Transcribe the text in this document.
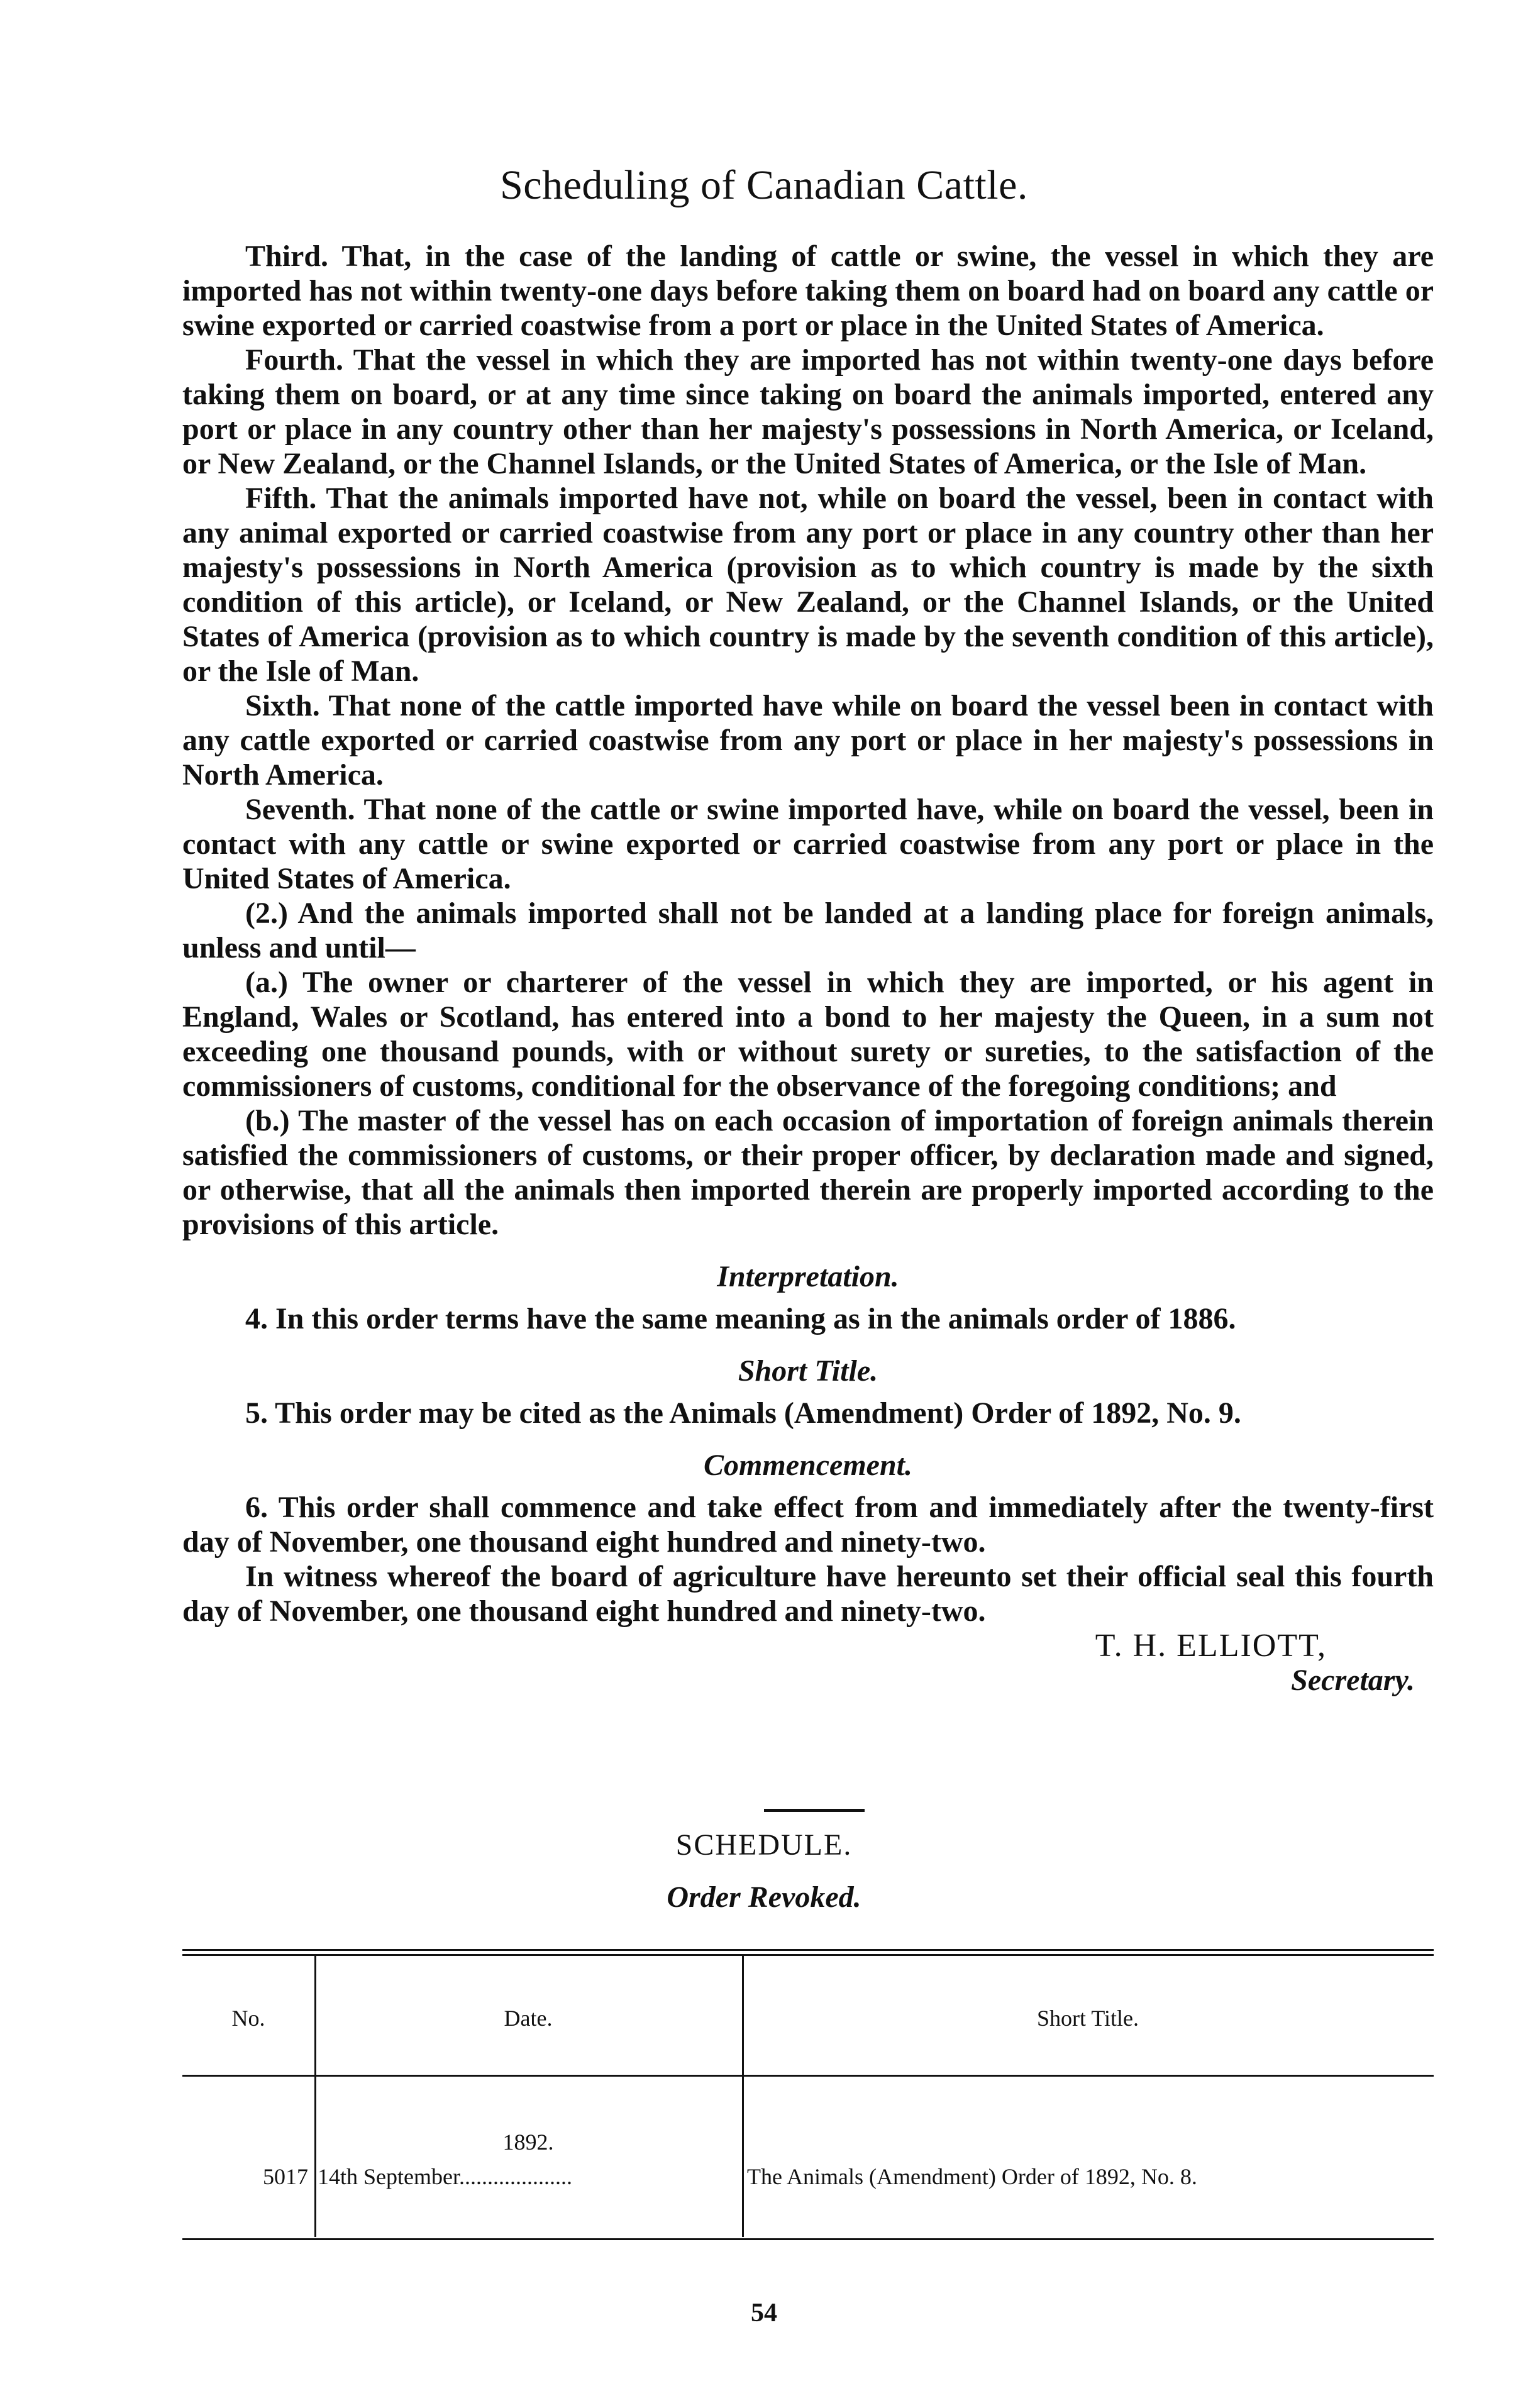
Scheduling of Canadian Cattle.

Third. That, in the case of the landing of cattle or swine, the vessel in which they are imported has not within twenty-one days before taking them on board had on board any cattle or swine exported or carried coastwise from a port or place in the United States of America.

Fourth. That the vessel in which they are imported has not within twenty-one days before taking them on board, or at any time since taking on board the animals imported, entered any port or place in any country other than her majesty's possessions in North America, or Iceland, or New Zealand, or the Channel Islands, or the United States of America, or the Isle of Man.

Fifth. That the animals imported have not, while on board the vessel, been in contact with any animal exported or carried coastwise from any port or place in any country other than her majesty's possessions in North America (provision as to which country is made by the sixth condition of this article), or Iceland, or New Zealand, or the Channel Islands, or the United States of America (provision as to which country is made by the seventh condition of this article), or the Isle of Man.

Sixth. That none of the cattle imported have while on board the vessel been in contact with any cattle exported or carried coastwise from any port or place in her majesty's possessions in North America.

Seventh. That none of the cattle or swine imported have, while on board the vessel, been in contact with any cattle or swine exported or carried coastwise from any port or place in the United States of America.

(2.) And the animals imported shall not be landed at a landing place for foreign animals, unless and until—

(a.) The owner or charterer of the vessel in which they are imported, or his agent in England, Wales or Scotland, has entered into a bond to her majesty the Queen, in a sum not exceeding one thousand pounds, with or without surety or sureties, to the satisfaction of the commissioners of customs, conditional for the observance of the foregoing conditions; and

(b.) The master of the vessel has on each occasion of importation of foreign animals therein satisfied the commissioners of customs, or their proper officer, by declaration made and signed, or otherwise, that all the animals then imported therein are properly imported according to the provisions of this article.

Interpretation.

4. In this order terms have the same meaning as in the animals order of 1886.

Short Title.

5. This order may be cited as the Animals (Amendment) Order of 1892, No. 9.

Commencement.

6. This order shall commence and take effect from and immediately after the twenty-first day of November, one thousand eight hundred and ninety-two.

In witness whereof the board of agriculture have hereunto set their official seal this fourth day of November, one thousand eight hundred and ninety-two.

T. H. ELLIOTT,

Secretary.

SCHEDULE.
Order Revoked.
No.	Date.	Short Title.
1892.
5017 14th September....................	The Animals (Amendment) Order of 1892, No. 8.
54
